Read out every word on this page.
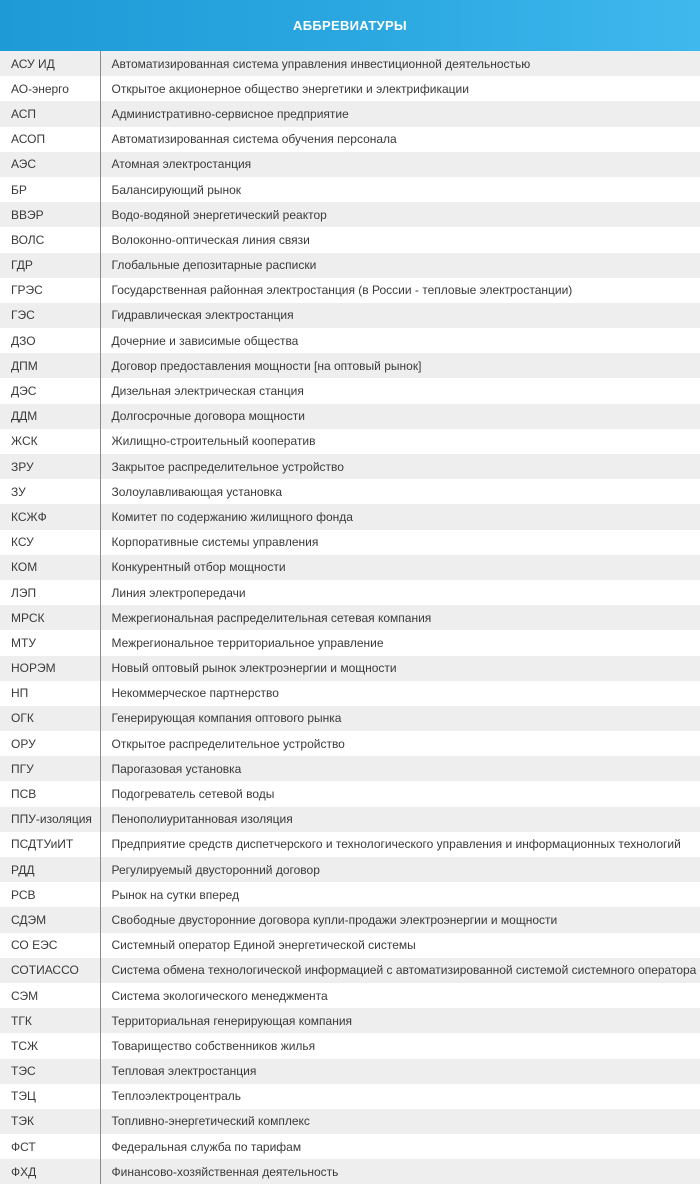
АББРЕВИАТУРЫ
АСУ ИД	Автоматизированная система управления инвестиционной деятельностью
АО-энерго	Открытое акционерное общество энергетики и электрификации
АСП	Административно-сервисное предприятие
АСОП	Автоматизированная система обучения персонала
АЭС	Атомная электростанция
БР	Балансирующий рынок
ВВЭР	Водо-водяной энергетический реактор
ВОЛС	Волоконно-оптическая линия связи
ГДР	Глобальные депозитарные расписки
ГРЭС	Государственная районная электростанция (в России - тепловые электростанции)
ГЭС	Гидравлическая электростанция
ДЗО	Дочерние и зависимые общества
ДПМ	Договор предоставления мощности [на оптовый рынок]
ДЭС	Дизельная электрическая станция
ДДМ	Долгосрочные договора мощности
ЖСК	Жилищно-строительный кооператив
ЗРУ	Закрытое распределительное устройство
ЗУ	Золоулавливающая установка
КСЖФ	Комитет по содержанию жилищного фонда
КСУ	Корпоративные системы управления
КОМ	Конкурентный отбор мощности
ЛЭП	Линия электропередачи
МРСК	Межрегиональная распределительная сетевая компания
МТУ	Межрегиональное территориальное управление
НОРЭМ	Новый оптовый рынок электроэнергии и мощности
НП	Некоммерческое партнерство
ОГК	Генерирующая компания оптового рынка
ОРУ	Открытое распределительное устройство
ПГУ	Парогазовая установка
ПСВ	Подогреватель сетевой воды
ППУ-изоляция	Пенополиуританновая изоляция
ПСДТУиИТ	Предприятие средств диспетчерского и технологического управления и информационных технологий
РДД	Регулируемый двусторонний договор
РСВ	Рынок на сутки вперед
СДЭМ	Свободные двусторонние договора купли-продажи электроэнергии и мощности
СО ЕЭС	Системный оператор Единой энергетической системы
СОТИАССО	Система обмена технологической информацией с автоматизированной системой системного оператора
СЭМ	Система экологического менеджмента
ТГК	Территориальная генерирующая компания
ТСЖ	Товарищество собственников жилья
ТЭС	Тепловая электростанция
ТЭЦ	Теплоэлектроцентраль
ТЭК	Топливно-энергетический комплекс
ФСТ	Федеральная служба по тарифам
ФХД	Финансово-хозяйственная деятельность
